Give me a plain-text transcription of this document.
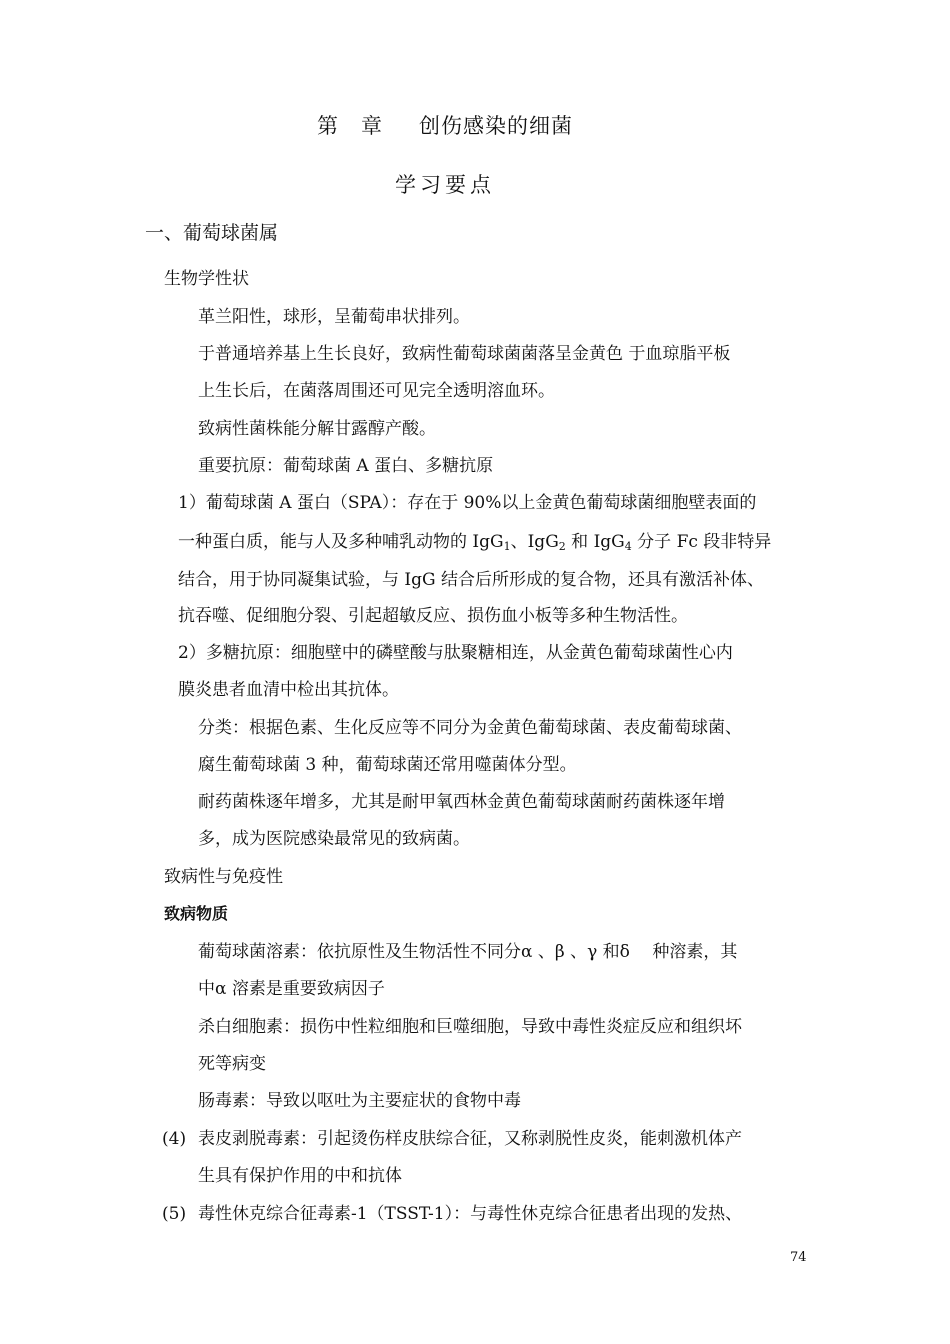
第 章 创伤感染的细菌
学习要点
一、葡萄球菌属
生物学性状
革兰阳性，球形，呈葡萄串状排列。
于普通培养基上生长良好，致病性葡萄球菌菌落呈金黄色 于血琼脂平板
上生长后，在菌落周围还可见完全透明溶血环。
致病性菌株能分解甘露醇产酸。
重要抗原：葡萄球菌 A 蛋白、多糖抗原
1）葡萄球菌 A 蛋白（SPA）：存在于 90%以上金黄色葡萄球菌细胞壁表面的
一种蛋白质，能与人及多种哺乳动物的 IgG$_1$、IgG$_2$ 和 IgG$_4$ 分子 Fc 段非特异
结合，用于协同凝集试验，与 IgG 结合后所形成的复合物，还具有激活补体、
抗吞噬、促细胞分裂、引起超敏反应、损伤血小板等多种生物活性。
2）多糖抗原：细胞壁中的磷壁酸与肽聚糖相连，从金黄色葡萄球菌性心内
膜炎患者血清中检出其抗体。
分类：根据色素、生化反应等不同分为金黄色葡萄球菌、表皮葡萄球菌、
腐生葡萄球菌 3 种，葡萄球菌还常用噬菌体分型。
耐药菌株逐年增多，尤其是耐甲氧西林金黄色葡萄球菌耐药菌株逐年增
多，成为医院感染最常见的致病菌。
致病性与免疫性
致病物质
葡萄球菌溶素：依抗原性及生物活性不同分α 、β 、γ 和δ　 种溶素，其
中α 溶素是重要致病因子
杀白细胞素：损伤中性粒细胞和巨噬细胞，导致中毒性炎症反应和组织坏
死等病变
肠毒素：导致以呕吐为主要症状的食物中毒
(4) 表皮剥脱毒素：引起烫伤样皮肤综合征，又称剥脱性皮炎，能刺激机体产
生具有保护作用的中和抗体
(5) 毒性休克综合征毒素-1（TSST-1）：与毒性休克综合征患者出现的发热、
74
